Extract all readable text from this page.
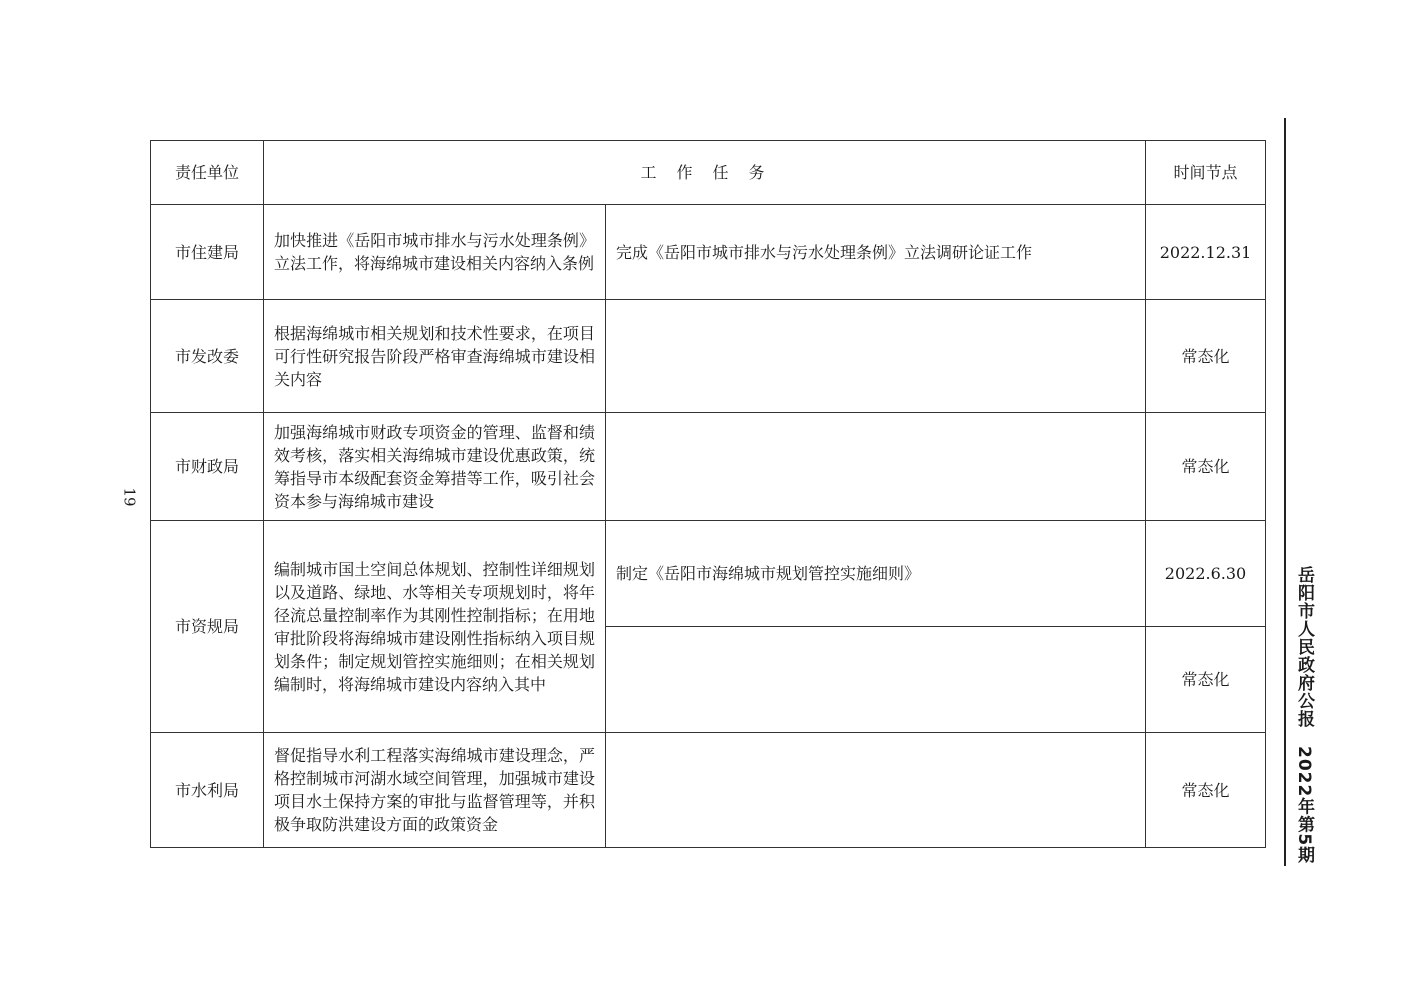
19
责任单位	工作任务		时间节点
市住建局	加快推进《岳阳市城市排水与污水处理条例》立法工作，将海绵城市建设相关内容纳入条例	完成《岳阳市城市排水与污水处理条例》立法调研论证工作	2022.12.31
市发改委	根据海绵城市相关规划和技术性要求，在项目可行性研究报告阶段严格审查海绵城市建设相关内容		常态化
市财政局	加强海绵城市财政专项资金的管理、监督和绩效考核，落实相关海绵城市建设优惠政策，统筹指导市本级配套资金筹措等工作，吸引社会资本参与海绵城市建设		常态化
市资规局	编制城市国土空间总体规划、控制性详细规划以及道路、绿地、水等相关专项规划时，将年径流总量控制率作为其刚性控制指标；在用地审批阶段将海绵城市建设刚性指标纳入项目规划条件；制定规划管控实施细则；在相关规划编制时，将海绵城市建设内容纳入其中	制定《岳阳市海绵城市规划管控实施细则》	2022.6.30
			常态化
市水利局	督促指导水利工程落实海绵城市建设理念，严格控制城市河湖水域空间管理，加强城市建设项目水土保持方案的审批与监督管理等，并积极争取防洪建设方面的政策资金		常态化
岳阳市人民政府公报2022年第5期
